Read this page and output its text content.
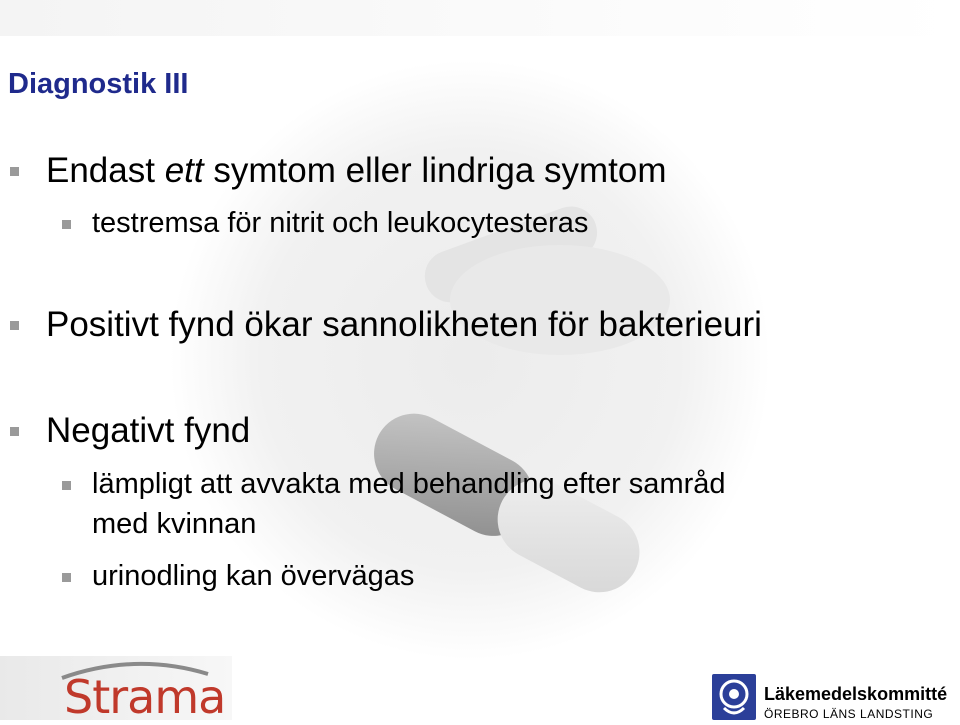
Diagnostik III
Endast ett symtom eller lindriga symtom
testremsa för nitrit och leukocytesteras
Positivt fynd ökar sannolikheten för bakterieuri
Negativt fynd
lämpligt att avvakta med behandling efter samråd
med kvinnan
urinodling kan övervägas
Strama	Läkemedelskommitté
ÖREBRO LÄNS LANDSTING
